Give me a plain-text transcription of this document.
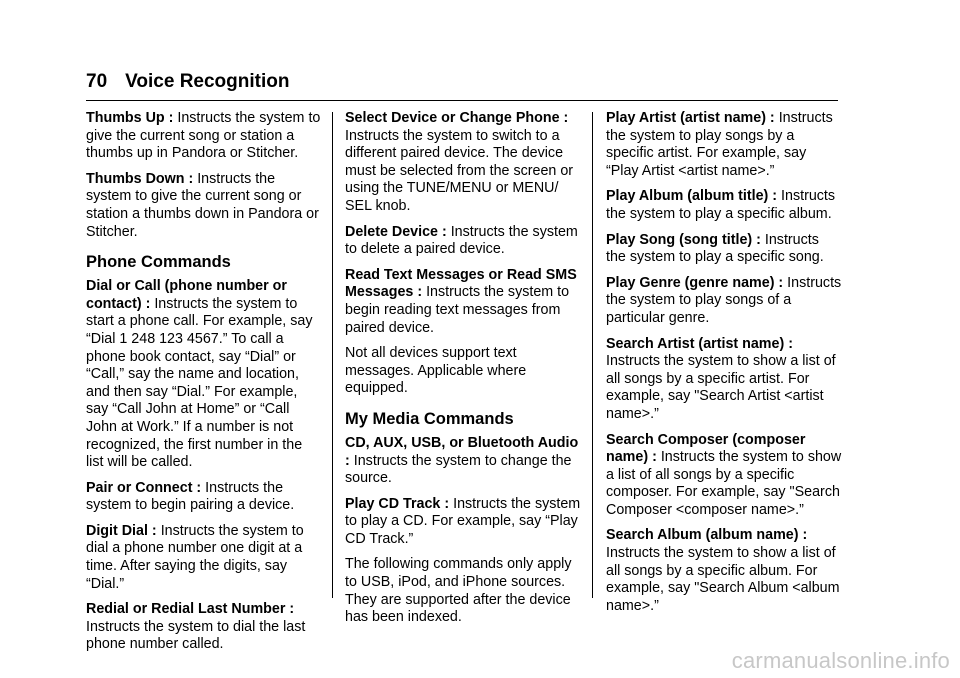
70 Voice Recognition

Thumbs Up : Instructs the system to give the current song or station a thumbs up in Pandora or Stitcher.

Thumbs Down : Instructs the system to give the current song or station a thumbs down in Pandora or Stitcher.

Phone Commands

Dial or Call (phone number or contact) : Instructs the system to start a phone call. For example, say “Dial 1 248 123 4567.” To call a phone book contact, say “Dial” or “Call,” say the name and location, and then say “Dial.” For example, say “Call John at Home” or “Call John at Work.” If a number is not recognized, the first number in the list will be called.

Pair or Connect : Instructs the system to begin pairing a device.

Digit Dial : Instructs the system to dial a phone number one digit at a time. After saying the digits, say “Dial.”

Redial or Redial Last Number : Instructs the system to dial the last phone number called.

Select Device or Change Phone : Instructs the system to switch to a different paired device. The device must be selected from the screen or using the TUNE/MENU or MENU/ SEL knob.

Delete Device : Instructs the system to delete a paired device.

Read Text Messages or Read SMS Messages : Instructs the system to begin reading text messages from paired device.

Not all devices support text messages. Applicable where equipped.

My Media Commands

CD, AUX, USB, or Bluetooth Audio : Instructs the system to change the source.

Play CD Track : Instructs the system to play a CD. For example, say “Play CD Track.”

The following commands only apply to USB, iPod, and iPhone sources. They are supported after the device has been indexed.

Play Artist (artist name) : Instructs the system to play songs by a specific artist. For example, say “Play Artist <artist name>.”

Play Album (album title) : Instructs the system to play a specific album.

Play Song (song title) : Instructs the system to play a specific song.

Play Genre (genre name) : Instructs the system to play songs of a particular genre.

Search Artist (artist name) : Instructs the system to show a list of all songs by a specific artist. For example, say "Search Artist <artist name>.”

Search Composer (composer name) : Instructs the system to show a list of all songs by a specific composer. For example, say "Search Composer <composer name>.”

Search Album (album name) : Instructs the system to show a list of all songs by a specific album. For example, say "Search Album <album name>.”

carmanualsonline.info
